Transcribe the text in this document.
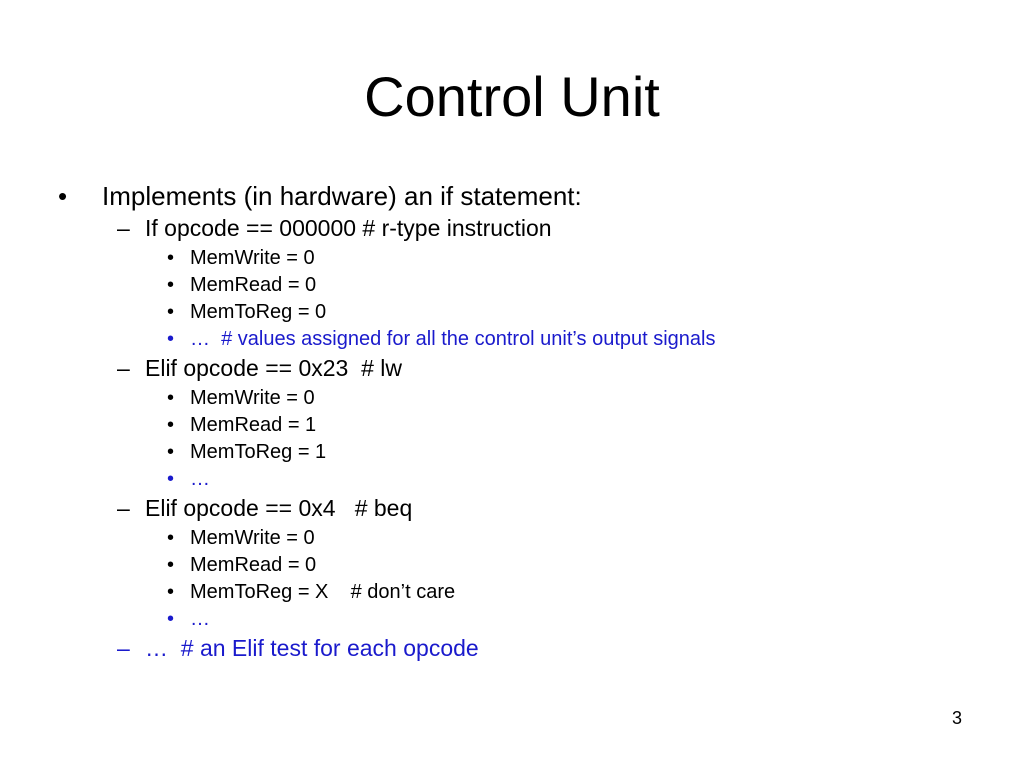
Control Unit
• Implements (in hardware) an if statement:
– If opcode == 000000 # r-type instruction
• MemWrite = 0
• MemRead = 0
• MemToReg = 0
• …  # values assigned for all the control unit’s output signals
– Elif opcode == 0x23  # lw
• MemWrite = 0
• MemRead = 1
• MemToReg = 1
• …
– Elif opcode == 0x4   # beq
• MemWrite = 0
• MemRead = 0
• MemToReg = X    # don’t care
• …
– …  # an Elif test for each opcode
3
